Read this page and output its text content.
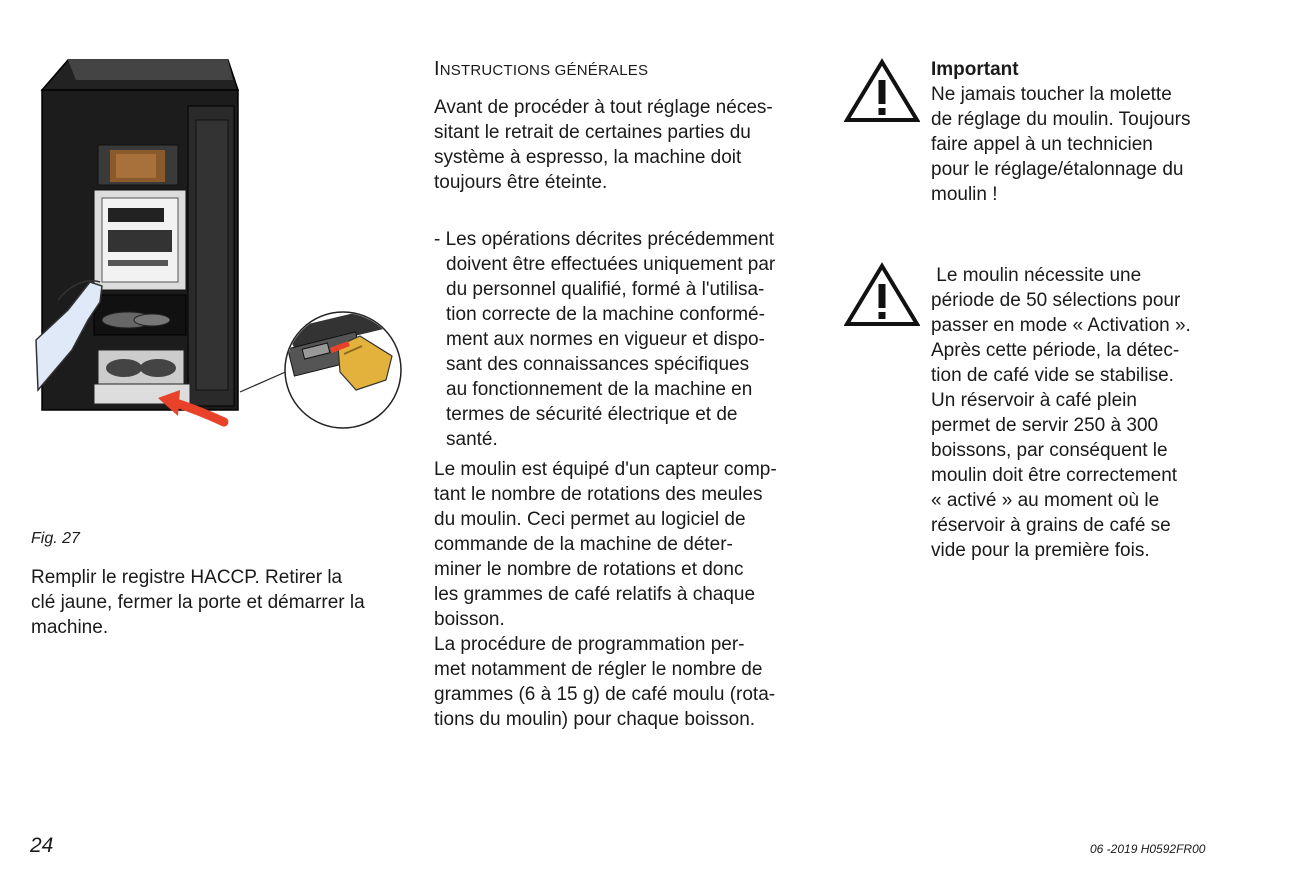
Fig. 27
Remplir le registre HACCP. Retirer la
clé jaune, fermer la porte et démarrer la
machine.
INSTRUCTIONS GÉNÉRALES
Avant de procéder à tout réglage néces-
sitant le retrait de certaines parties du
système à espresso, la machine doit
toujours être éteinte.
- Les opérations décrites précédemment
doivent être effectuées uniquement par
du personnel qualifié, formé à l'utilisa-
tion correcte de la machine conformé-
ment aux normes en vigueur et dispo-
sant des connaissances spécifiques
au fonctionnement de la machine en
termes de sécurité électrique et de
santé.
Le moulin est équipé d'un capteur comp-
tant le nombre de rotations des meules
du moulin. Ceci permet au logiciel de
commande de la machine de déter-
miner le nombre de rotations et donc
les grammes de café relatifs à chaque
boisson.
La procédure de programmation per-
met notamment de régler le nombre de
grammes (6 à 15 g) de café moulu (rota-
tions du moulin) pour chaque boisson.
Important
Ne jamais toucher la molette
de réglage du moulin. Toujours
faire appel à un technicien
pour le réglage/étalonnage du
moulin !
Le moulin nécessite une
période de 50 sélections pour
passer en mode « Activation ».
Après cette période, la détec-
tion de café vide se stabilise.
Un réservoir à café plein
permet de servir 250 à 300
boissons, par conséquent le
moulin doit être correctement
« activé » au moment où le
réservoir à grains de café se
vide pour la première fois.
24	06 -2019 H0592FR00
